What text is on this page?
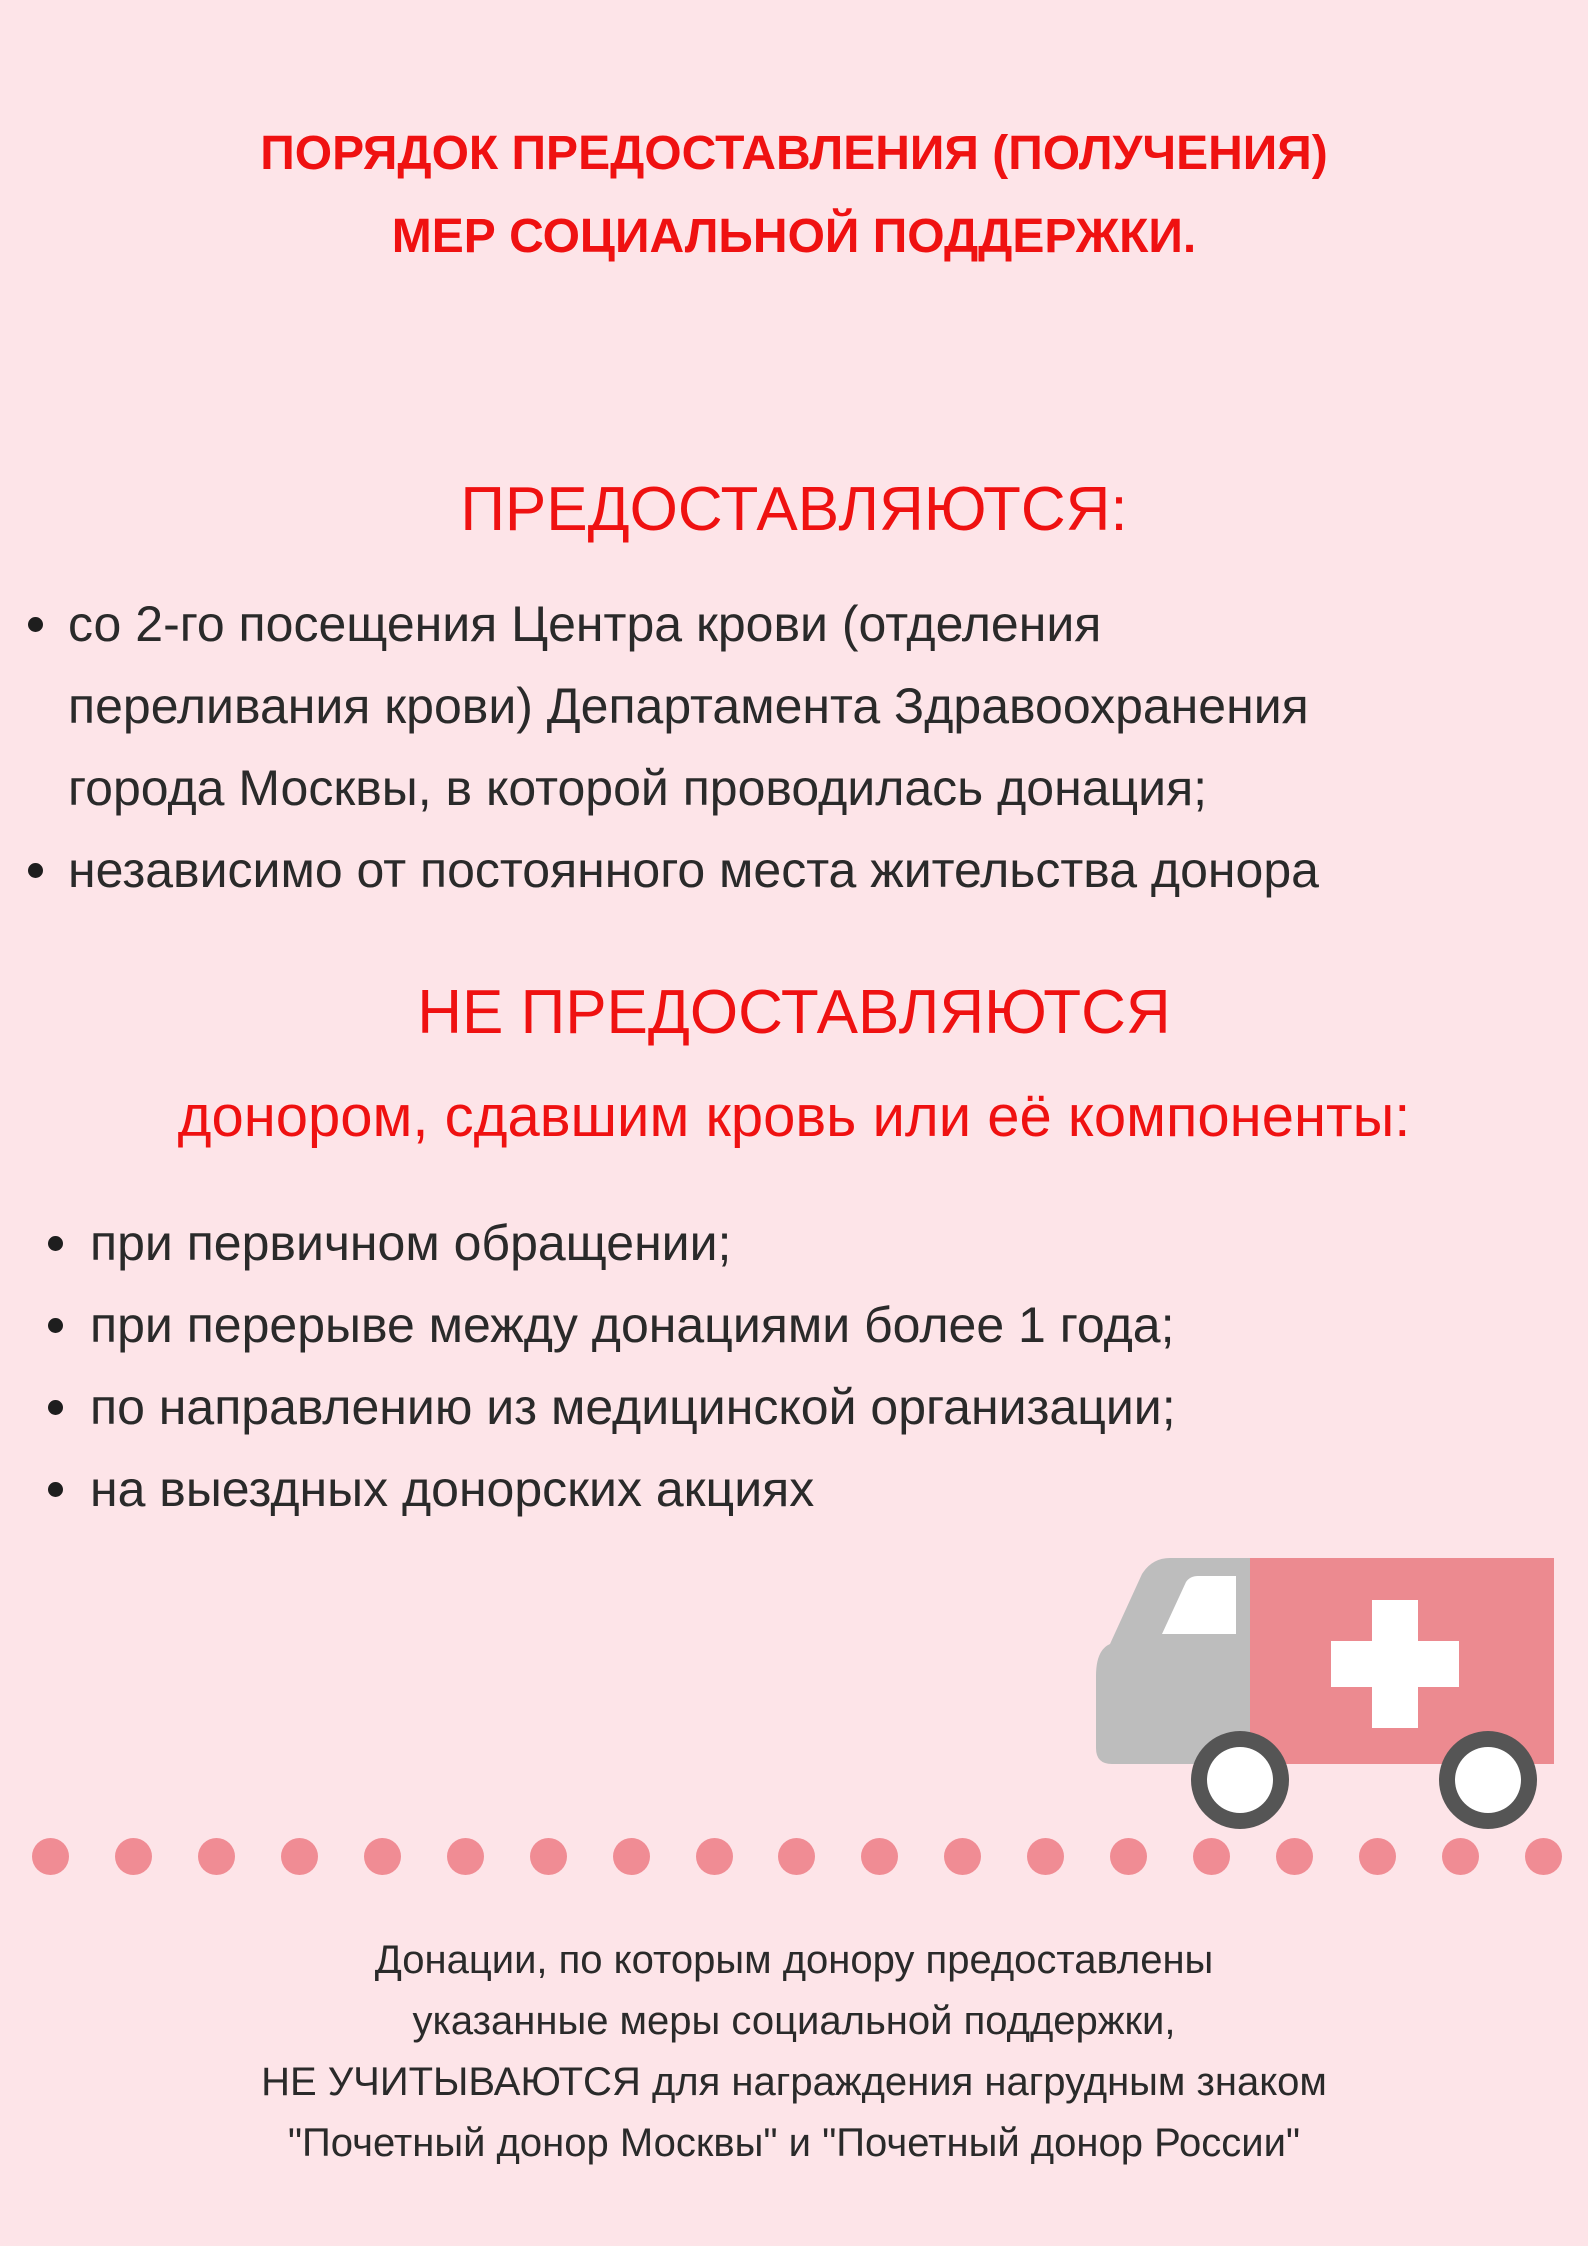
ПОРЯДОК ПРЕДОСТАВЛЕНИЯ (ПОЛУЧЕНИЯ)
МЕР СОЦИАЛЬНОЙ ПОДДЕРЖКИ.
ПРЕДОСТАВЛЯЮТСЯ:
со 2-го посещения Центра крови (отделения
переливания крови) Департамента Здравоохранения
города Москвы, в которой проводилась донация;
независимо от постоянного места жительства донора
НЕ ПРЕДОСТАВЛЯЮТСЯ
донором, сдавшим кровь или её компоненты:
при первичном обращении;
при перерыве между донациями более 1 года;
по направлению из медицинской организации;
на выездных донорских акциях
Донации, по которым донору предоставлены
указанные меры социальной поддержки,
НЕ УЧИТЫВАЮТСЯ для награждения нагрудным знаком
"Почетный донор Москвы" и "Почетный донор России"
